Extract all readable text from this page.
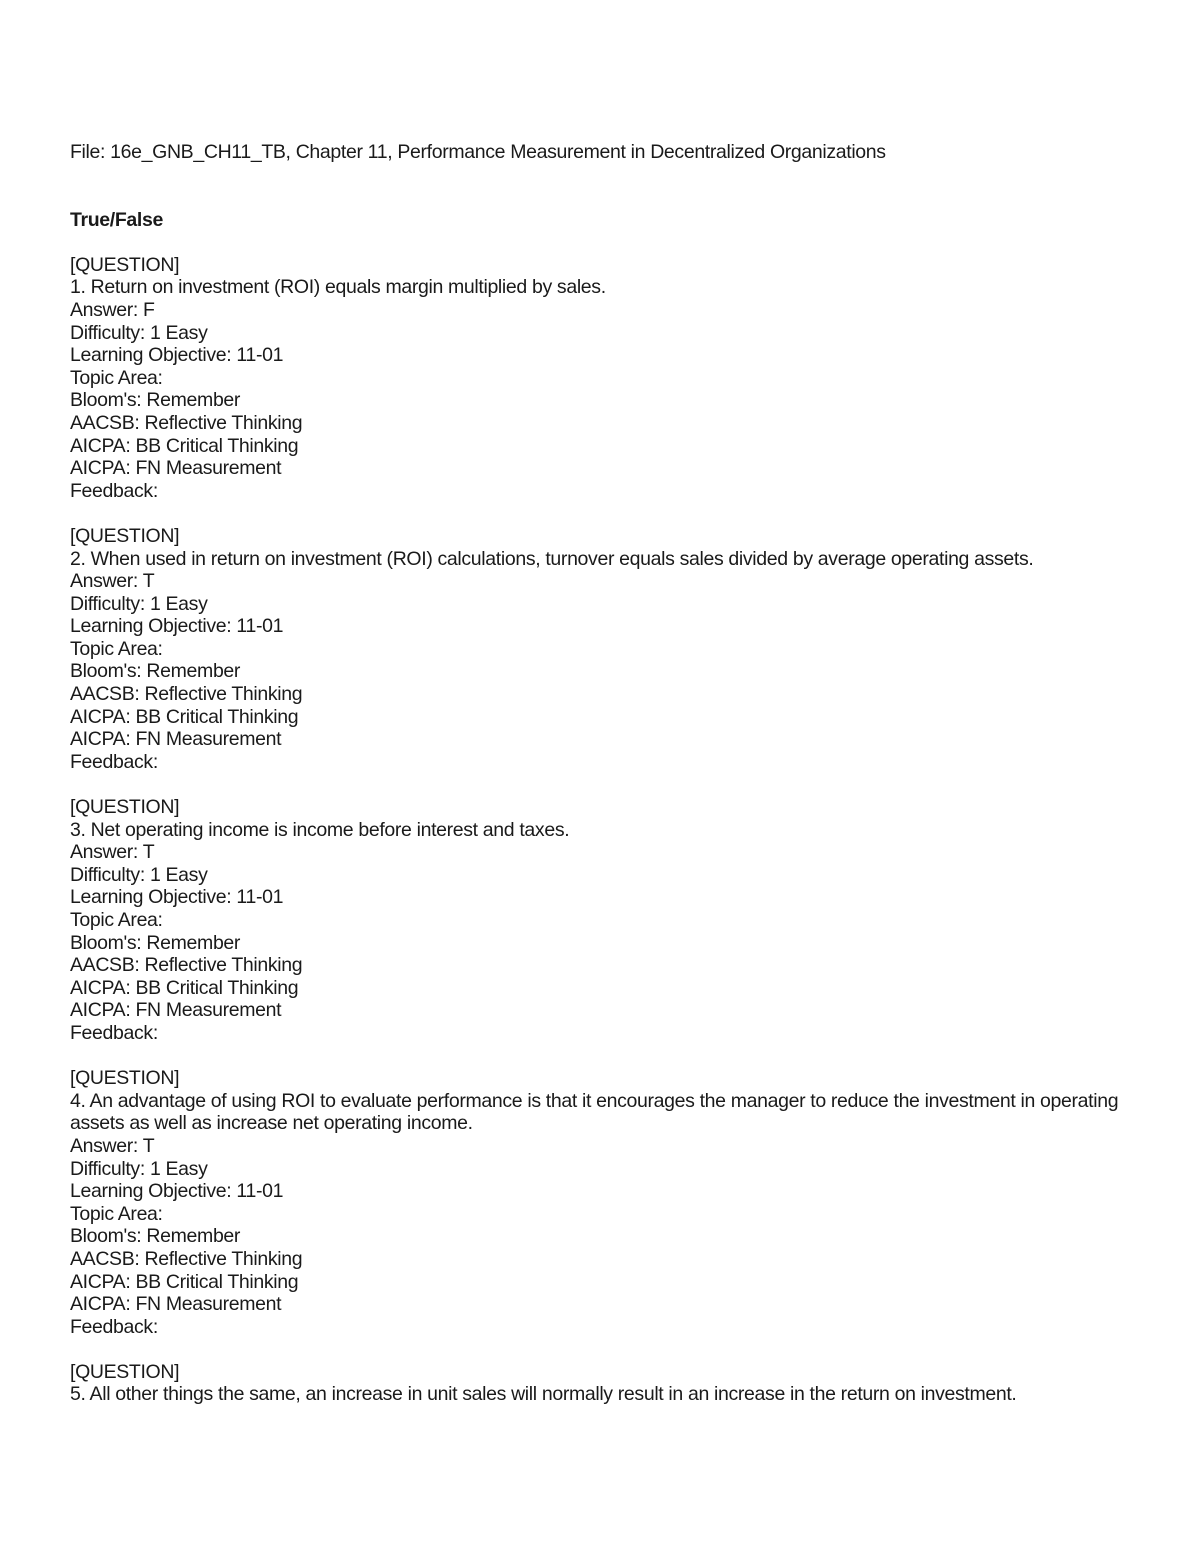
File: 16e_GNB_CH11_TB, Chapter 11, Performance Measurement in Decentralized Organizations
True/False
[QUESTION]
1. Return on investment (ROI) equals margin multiplied by sales.
Answer: F
Difficulty: 1 Easy
Learning Objective: 11-01
Topic Area:
Bloom's: Remember
AACSB: Reflective Thinking
AICPA: BB Critical Thinking
AICPA: FN Measurement
Feedback:
[QUESTION]
2. When used in return on investment (ROI) calculations, turnover equals sales divided by average operating assets.
Answer: T
Difficulty: 1 Easy
Learning Objective: 11-01
Topic Area:
Bloom's: Remember
AACSB: Reflective Thinking
AICPA: BB Critical Thinking
AICPA: FN Measurement
Feedback:
[QUESTION]
3. Net operating income is income before interest and taxes.
Answer: T
Difficulty: 1 Easy
Learning Objective: 11-01
Topic Area:
Bloom's: Remember
AACSB: Reflective Thinking
AICPA: BB Critical Thinking
AICPA: FN Measurement
Feedback:
[QUESTION]
4. An advantage of using ROI to evaluate performance is that it encourages the manager to reduce the investment in operating assets as well as increase net operating income.
Answer: T
Difficulty: 1 Easy
Learning Objective: 11-01
Topic Area:
Bloom's: Remember
AACSB: Reflective Thinking
AICPA: BB Critical Thinking
AICPA: FN Measurement
Feedback:
[QUESTION]
5. All other things the same, an increase in unit sales will normally result in an increase in the return on investment.
